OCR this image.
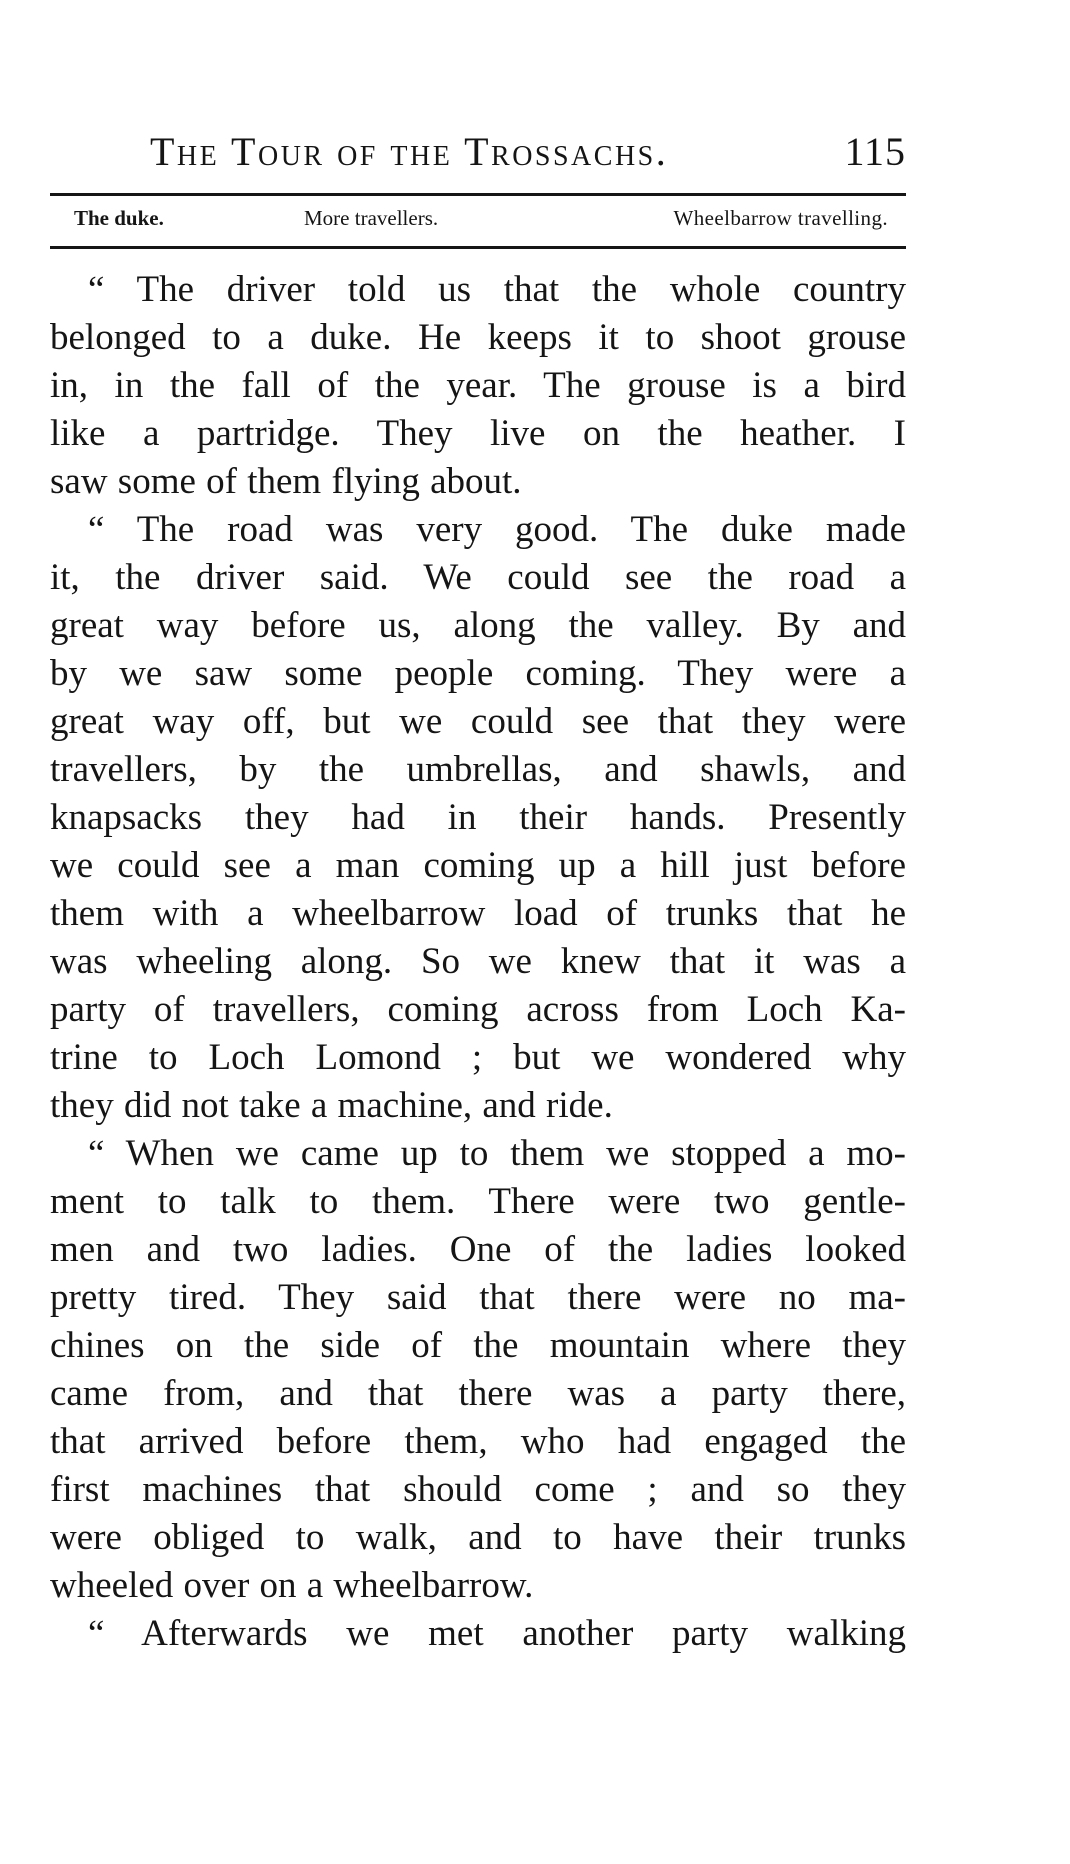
The Tour of the Trossachs.	115
The duke.	More travellers.	Wheelbarrow travelling.
“ The driver told us that the whole country
belonged to a duke. He keeps it to shoot grouse
in, in the fall of the year. The grouse is a bird
like a partridge. They live on the heather. I
saw some of them flying about.
“ The road was very good. The duke made
it, the driver said. We could see the road a
great way before us, along the valley. By and
by we saw some people coming. They were a
great way off, but we could see that they were
travellers, by the umbrellas, and shawls, and
knapsacks they had in their hands. Presently
we could see a man coming up a hill just before
them with a wheelbarrow load of trunks that he
was wheeling along. So we knew that it was a
party of travellers, coming across from Loch Ka-
trine to Loch Lomond ; but we wondered why
they did not take a machine, and ride.
“ When we came up to them we stopped a mo-
ment to talk to them. There were two gentle-
men and two ladies. One of the ladies looked
pretty tired. They said that there were no ma-
chines on the side of the mountain where they
came from, and that there was a party there,
that arrived before them, who had engaged the
first machines that should come ; and so they
were obliged to walk, and to have their trunks
wheeled over on a wheelbarrow.
“ Afterwards we met another party walking
